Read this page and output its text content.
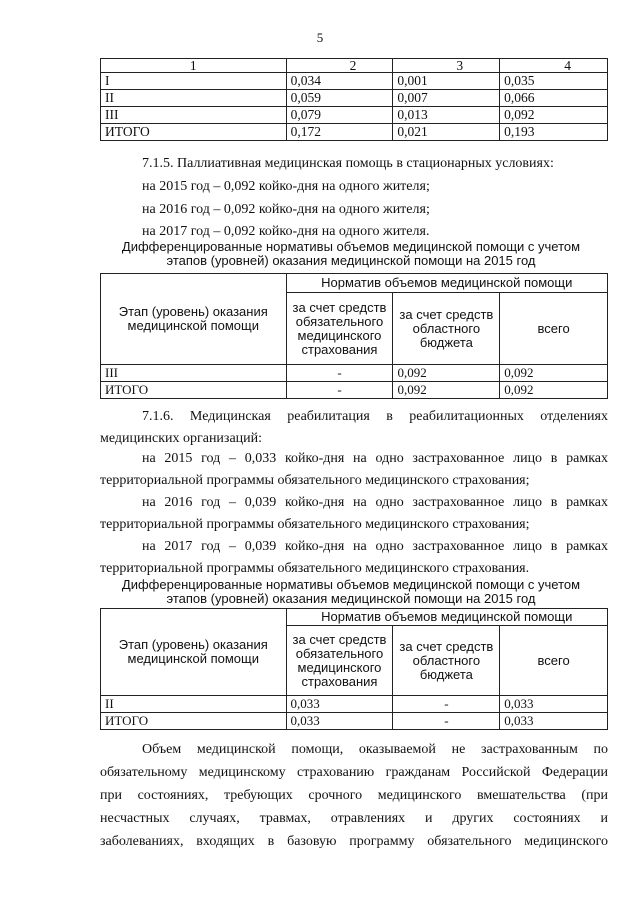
5
1	2	3	4
I	0,034	0,001	0,035
II	0,059	0,007	0,066
III	0,079	0,013	0,092
ИТОГО	0,172	0,021	0,193
7.1.5. Паллиативная медицинская помощь в стационарных условиях:
на 2015 год – 0,092 койко-дня на одного жителя;
на 2016 год – 0,092 койко-дня на одного жителя;
на 2017 год – 0,092 койко-дня на одного жителя.
Дифференцированные нормативы объемов медицинской помощи с учетом
этапов (уровней) оказания медицинской помощи на 2015 год
Этап (уровень) оказания медицинской помощи	Норматив объемов медицинской помощи		
	за счет средств обязательного медицинского страхования	за счет средств областного бюджета	всего
III	-	0,092	0,092
ИТОГО	-	0,092	0,092
7.1.6. Медицинская реабилитация в реабилитационных отделениях
медицинских организаций:
на 2015 год – 0,033 койко-дня на одно застрахованное лицо в рамках
территориальной программы обязательного медицинского страхования;
на 2016 год – 0,039 койко-дня на одно застрахованное лицо в рамках
территориальной программы обязательного медицинского страхования;
на 2017 год – 0,039 койко-дня на одно застрахованное лицо в рамках
территориальной программы обязательного медицинского страхования.
Дифференцированные нормативы объемов медицинской помощи с учетом
этапов (уровней) оказания медицинской помощи на 2015 год
Этап (уровень) оказания медицинской помощи	Норматив объемов медицинской помощи		
	за счет средств обязательного медицинского страхования	за счет средств областного бюджета	всего
II	0,033	-	0,033
ИТОГО	0,033	-	0,033
Объем медицинской помощи, оказываемой не застрахованным по
обязательному медицинскому страхованию гражданам Российской Федерации
при состояниях, требующих срочного медицинского вмешательства (при
несчастных случаях, травмах, отравлениях и других состояниях и
заболеваниях, входящих в базовую программу обязательного медицинского
